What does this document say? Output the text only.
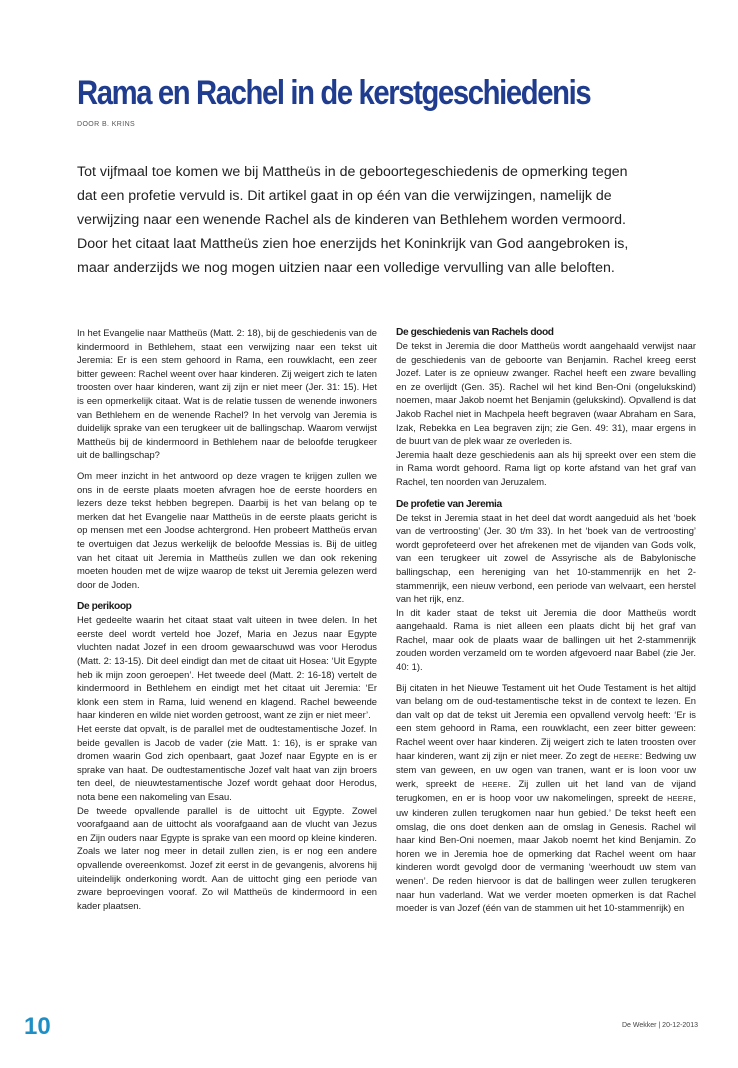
Rama en Rachel in de kerstgeschiedenis
DOOR B. KRINS

Tot vijfmaal toe komen we bij Mattheüs in de geboortegeschiedenis de opmerking tegen dat een profetie vervuld is. Dit artikel gaat in op één van die verwijzingen, namelijk de verwijzing naar een wenende Rachel als de kinderen van Bethlehem worden vermoord. Door het citaat laat Mattheüs zien hoe enerzijds het Koninkrijk van God aangebroken is, maar anderzijds we nog mogen uitzien naar een volledige vervulling van alle beloften.

In het Evangelie naar Mattheüs (Matt. 2: 18), bij de geschiedenis van de kindermoord in Bethlehem, staat een verwijzing naar een tekst uit Jeremia: Er is een stem gehoord in Rama, een rouwklacht, een zeer bitter geween: Rachel weent over haar kinderen. Zij weigert zich te laten troosten over haar kinderen, want zij zijn er niet meer (Jer. 31: 15). Het is een opmerkelijk citaat. Wat is de relatie tussen de wenende inwoners van Bethlehem en de wenende Rachel? In het vervolg van Jeremia is duidelijk sprake van een terugkeer uit de ballingschap. Waarom verwijst Mattheüs bij de kindermoord in Bethlehem naar de beloofde terugkeer uit de ballingschap?

Om meer inzicht in het antwoord op deze vragen te krijgen zullen we ons in de eerste plaats moeten afvragen hoe de eerste hoorders en lezers deze tekst hebben begrepen. Daarbij is het van belang op te merken dat het Evangelie naar Mattheüs in de eerste plaats gericht is op mensen met een Joodse achtergrond. Hen probeert Mattheüs ervan te overtuigen dat Jezus werkelijk de beloofde Messias is. Bij de uitleg van het citaat uit Jeremia in Mattheüs zullen we dan ook rekening moeten houden met de wijze waarop de tekst uit Jeremia gelezen werd door de Joden.

De perikoop

Het gedeelte waarin het citaat staat valt uiteen in twee delen. In het eerste deel wordt verteld hoe Jozef, Maria en Jezus naar Egypte vluchten nadat Jozef in een droom gewaarschuwd was voor Herodus (Matt. 2: 13-15). Dit deel eindigt dan met de citaat uit Hosea: ‘Uit Egypte heb ik mijn zoon geroepen’. Het tweede deel (Matt. 2: 16-18) vertelt de kindermoord in Bethlehem en eindigt met het citaat uit Jeremia: ‘Er klonk een stem in Rama, luid wenend en klagend. Rachel beweende haar kinderen en wilde niet worden getroost, want ze zijn er niet meer’.

Het eerste dat opvalt, is de parallel met de oudtestamentische Jozef. In beide gevallen is Jacob de vader (zie Matt. 1: 16), is er sprake van dromen waarin God zich openbaart, gaat Jozef naar Egypte en is er sprake van haat. De oudtestamentische Jozef valt haat van zijn broers ten deel, de nieuwtestamentische Jozef wordt gehaat door Herodus, nota bene een nakomeling van Esau.

De tweede opvallende parallel is de uittocht uit Egypte. Zowel voorafgaand aan de uittocht als voorafgaand aan de vlucht van Jezus en Zijn ouders naar Egypte is sprake van een moord op kleine kinderen. Zoals we later nog meer in detail zullen zien, is er nog een andere opvallende overeenkomst. Jozef zit eerst in de gevangenis, alvorens hij uiteindelijk onderkoning wordt. Aan de uittocht ging een periode van zware beproevingen vooraf. Zo wil Mattheüs de kindermoord in een kader plaatsen.

De geschiedenis van Rachels dood

De tekst in Jeremia die door Mattheüs wordt aangehaald verwijst naar de geschiedenis van de geboorte van Benjamin. Rachel kreeg eerst Jozef. Later is ze opnieuw zwanger. Rachel heeft een zware bevalling en ze overlijdt (Gen. 35). Rachel wil het kind Ben-Oni (ongelukskind) noemen, maar Jakob noemt het Benjamin (gelukskind). Opvallend is dat Jakob Rachel niet in Machpela heeft begraven (waar Abraham en Sara, Izak, Rebekka en Lea begraven zijn; zie Gen. 49: 31), maar ergens in de buurt van de plek waar ze overleden is.

Jeremia haalt deze geschiedenis aan als hij spreekt over een stem die in Rama wordt gehoord. Rama ligt op korte afstand van het graf van Rachel, ten noorden van Jeruzalem.

De profetie van Jeremia

De tekst in Jeremia staat in het deel dat wordt aangeduid als het ‘boek van de vertroosting’ (Jer. 30 t/m 33). In het ‘boek van de vertroosting’ wordt geprofeteerd over het afrekenen met de vijanden van Gods volk, van een terugkeer uit zowel de Assyrische als de Babylonische ballingschap, een hereniging van het 10-stammenrijk en het 2-stammenrijk, een nieuw verbond, een periode van welvaart, een herstel van het rijk, enz.

In dit kader staat de tekst uit Jeremia die door Mattheüs wordt aangehaald. Rama is niet alleen een plaats dicht bij het graf van Rachel, maar ook de plaats waar de ballingen uit het 2-stammenrijk zouden worden verzameld om te worden afgevoerd naar Babel (zie Jer. 40: 1).

Bij citaten in het Nieuwe Testament uit het Oude Testament is het altijd van belang om de oud-testamentische tekst in de context te lezen. En dan valt op dat de tekst uit Jeremia een opvallend vervolg heeft: ‘Er is een stem gehoord in Rama, een rouwklacht, een zeer bitter geween: Rachel weent over haar kinderen. Zij weigert zich te laten troosten over haar kinderen, want zij zijn er niet meer. Zo zegt de HEERE: Bedwing uw stem van geween, en uw ogen van tranen, want er is loon voor uw werk, spreekt de HEERE. Zij zullen uit het land van de vijand terugkomen, en er is hoop voor uw nakomelingen, spreekt de HEERE, uw kinderen zullen terugkomen naar hun gebied.’ De tekst heeft een omslag, die ons doet denken aan de omslag in Genesis. Rachel wil haar kind Ben-Oni noemen, maar Jakob noemt het kind Benjamin. Zo horen we in Jeremia hoe de opmerking dat Rachel weent om haar kinderen wordt gevolgd door de vermaning ‘weerhoudt uw stem van wenen’. De reden hiervoor is dat de ballingen weer zullen terugkeren naar hun vaderland. Wat we verder moeten opmerken is dat Rachel moeder is van Jozef (één van de stammen uit het 10-stammenrijk) en

10	De Wekker | 20-12-2013
